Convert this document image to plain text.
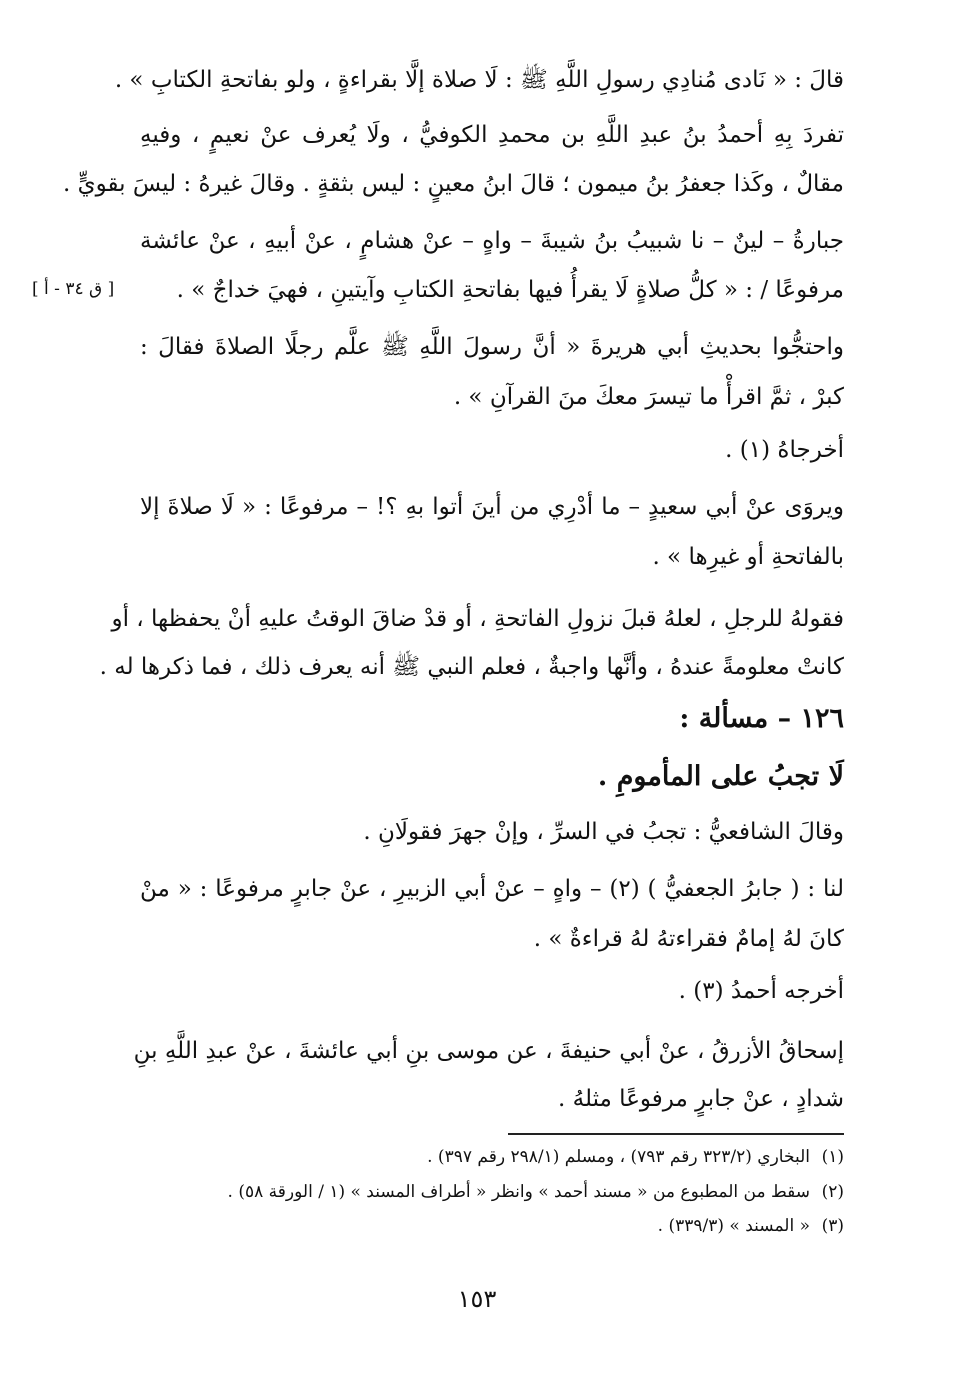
قالَ : « نَادى مُنادِي رسولِ اللَّهِ ﷺ : لَا صلاة إلَّا بقراءةٍ ، ولو بفاتحةِ الكتابِ » .
تفردَ بِهِ أحمدُ بنُ عبدِ اللَّهِ بن محمدِ الكوفيُّ ، ولَا يُعرف عنْ نعيمٍ ، وفيهِ
مقالٌ ، وكَذا جعفرُ بنُ ميمون ؛ قالَ ابنُ معينٍ : ليس بثقةٍ . وقالَ غيرهُ : ليسَ بقويٍّ .
جبارةُ – لينٌ – نا شبيبُ بنُ شيبةَ – واهٍ – عنْ هشامٍ ، عنْ أبيهِ ، عنْ عائشة
مرفوعًا / : « كلُّ صلاةٍ لَا يقرأُ فيها بفاتحةِ الكتابِ وآيتينِ ، فهيَ خداجٌ » .
[ ق ٣٤ - أ ]
واحتجُّوا بحديثِ أبي هريرةَ « أنَّ رسولَ اللَّهِ ﷺ علَّم رجلًا الصلاةَ فقالَ :
كبرْ ، ثمَّ اقرأْ ما تيسرَ معكَ منَ القرآنِ » .
أخرجاهُ (١) .
ويروَى عنْ أبي سعيدٍ – ما أدْرِي من أينَ أتوا بهِ ؟! – مرفوعًا : « لَا صلاةَ إلا
بالفاتحةِ أو غيرِها » .
فقولهُ للرجلِ ، لعلهُ قبلَ نزولِ الفاتحةِ ، أو قدْ ضاقَ الوقتُ عليهِ أنْ يحفظها ، أو
كانتْ معلومةً عندهُ ، وأنَّها واجبةٌ ، فعلم النبي ﷺ أنه يعرف ذلك ، فما ذكرها له .
١٢٦ – مسألة :
لَا تجبُ على المأمومِ .
وقالَ الشافعيُّ : تجبُ في السرِّ ، وإنْ جهرَ فقولَانِ .
لنا : ( جابرُ الجعفيُّ ) (٢) – واهٍ – عنْ أبي الزبيرِ ، عنْ جابرٍ مرفوعًا : « منْ
كانَ لهُ إمامٌ فقراءتهُ لهُ قراءةٌ » .
أخرجه أحمدُ (٣) .
إسحاقُ الأزرقُ ، عنْ أبي حنيفةَ ، عن موسى بنِ أبي عائشةَ ، عنْ عبدِ اللَّهِ بنِ
شدادٍ ، عنْ جابرٍ مرفوعًا مثلهُ .
(١)البخاري (٣٢٣/٢ رقم ٧٩٣) ، ومسلم (٢٩٨/١ رقم ٣٩٧) .
(٢)سقط من المطبوع من « مسند أحمد » وانظر « أطراف المسند » (١ / الورقة ٥٨) .
(٣)« المسند » (٣٣٩/٣) .
١٥٣
